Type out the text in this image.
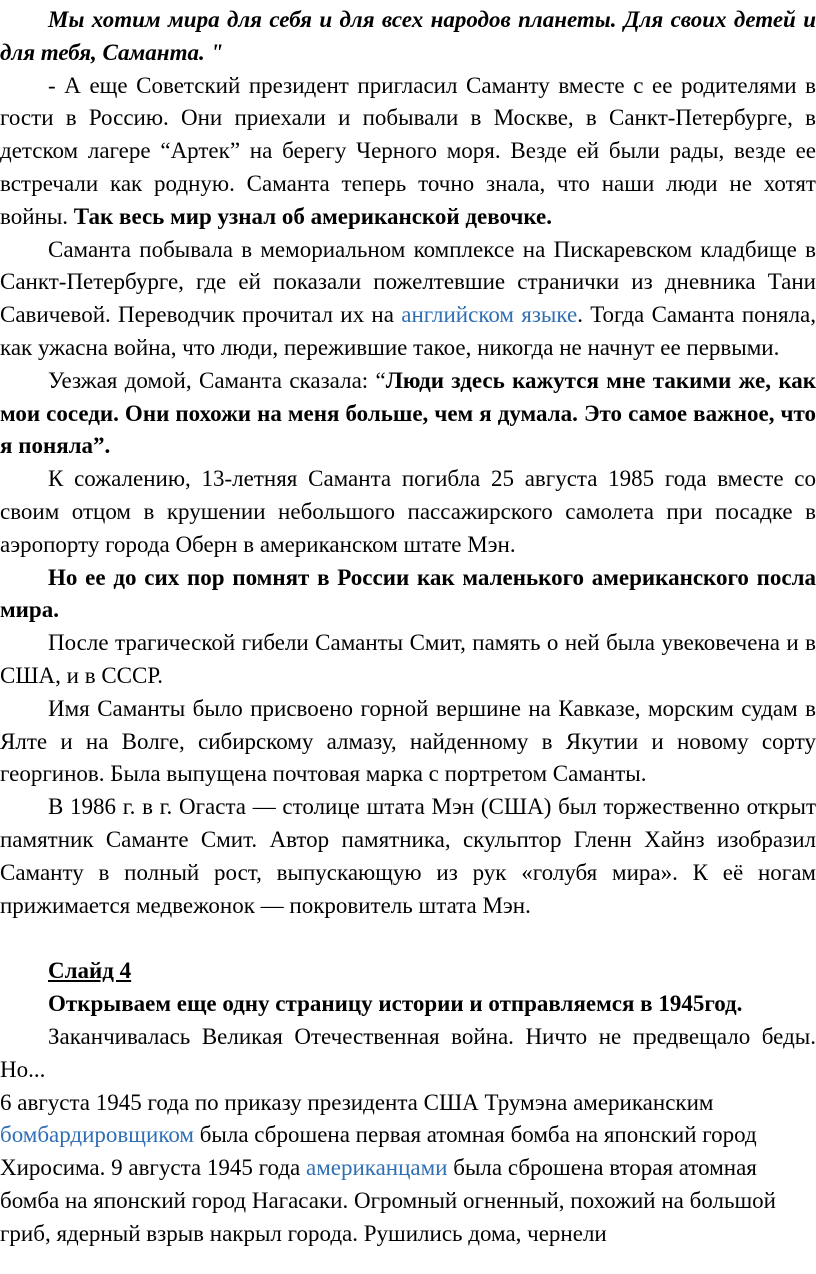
Мы хотим мира для себя и для всех народов планеты. Для своих детей и для тебя, Саманта. "

- А еще Советский президент пригласил Саманту вместе с ее родителями в гости в Россию. Они приехали и побывали в Москве, в Санкт-Петербурге, в детском лагере “Артек” на берегу Черного моря. Везде ей были рады, везде ее встречали как родную. Саманта теперь точно знала, что наши люди не хотят войны. Так весь мир узнал об американской девочке.

Саманта побывала в мемориальном комплексе на Пискаревском кладбище в Санкт-Петербурге, где ей показали пожелтевшие странички из дневника Тани Савичевой. Переводчик прочитал их на английском языке. Тогда Саманта поняла, как ужасна война, что люди, пережившие такое, никогда не начнут ее первыми.

Уезжая домой, Саманта сказала: “Люди здесь кажутся мне такими же, как мои соседи. Они похожи на меня больше, чем я думала. Это самое важное, что я поняла”.

К сожалению, 13-летняя Саманта погибла 25 августа 1985 года вместе со своим отцом в крушении небольшого пассажирского самолета при посадке в аэропорту города Оберн в американском штате Мэн.

Но ее до сих пор помнят в России как маленького американского посла мира.

После трагической гибели Саманты Смит, память о ней была увековечена и в США, и в СССР.

Имя Саманты было присвоено горной вершине на Кавказе, морским судам в Ялте и на Волге, сибирскому алмазу, найденному в Якутии и новому сорту георгинов. Была выпущена почтовая марка с портретом Саманты.

В 1986 г. в г. Огаста — столице штата Мэн (США) был торжественно открыт памятник Саманте Смит. Автор памятника, скульптор Гленн Хайнз изобразил Саманту в полный рост, выпускающую из рук «голубя мира». К её ногам прижимается медвежонок — покровитель штата Мэн.

Слайд 4

Открываем еще одну страницу истории и отправляемся в 1945год.

Заканчивалась Великая Отечественная война. Ничто не предвещало беды. Но...

6 августа 1945 года по приказу президента США Трумэна американским бомбардировщиком была сброшена первая атомная бомба на японский город Хиросима. 9 августа 1945 года американцами была сброшена вторая атомная бомба на японский город Нагасаки. Огромный огненный, похожий на большой гриб, ядерный взрыв накрыл города. Рушились дома, чернели
